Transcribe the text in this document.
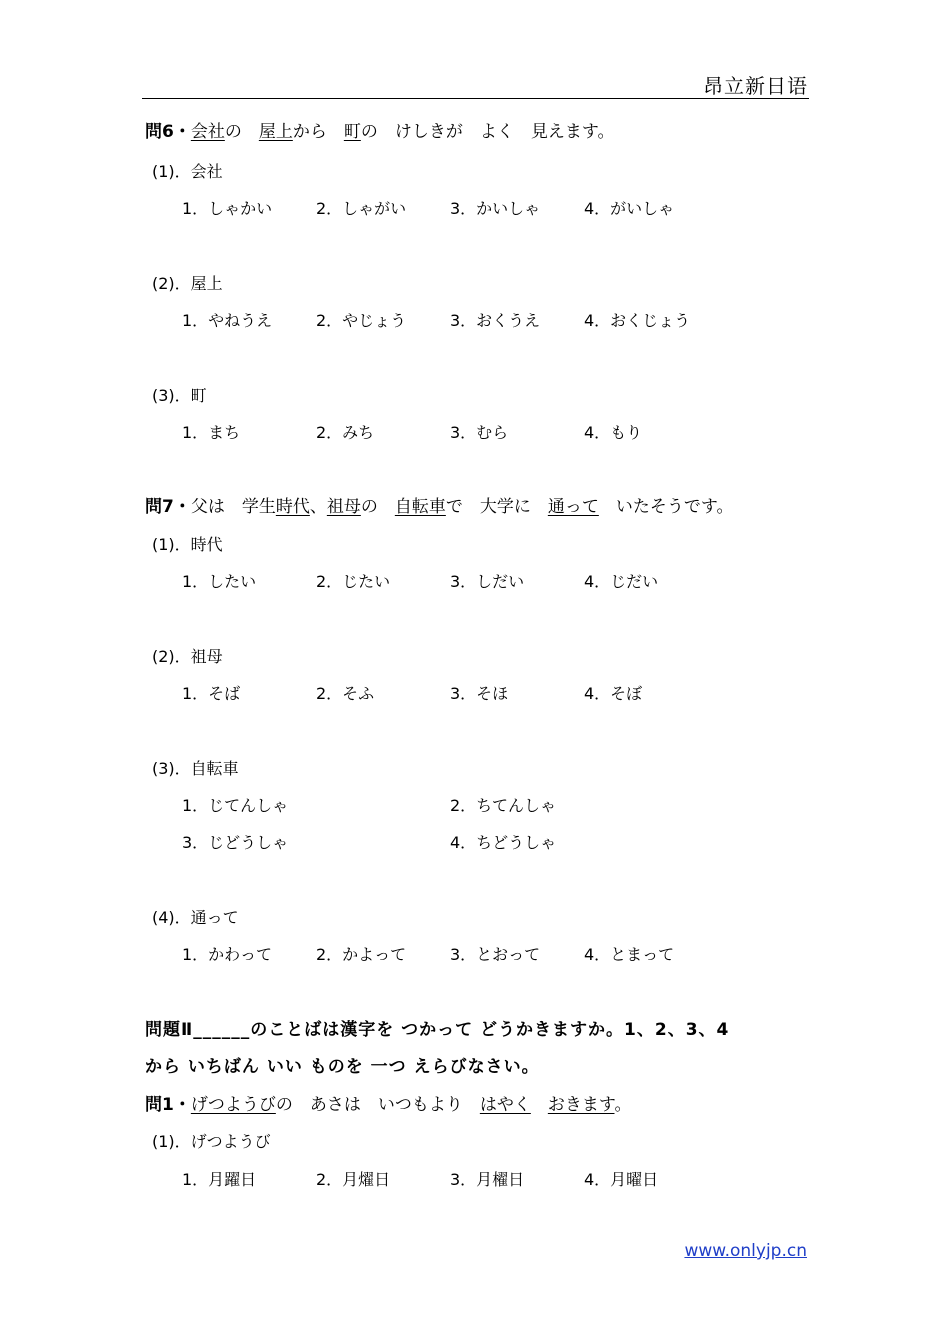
昂立新日语
問6・会社の　屋上から　町の　けしきが　よく　見えます。
(1)．会社
1．しゃかい	2．しゃがい	3．かいしゃ	4．がいしゃ
(2)．屋上
1．やねうえ	2．やじょう	3．おくうえ	4．おくじょう
(3)．町
1．まち	2．みち	3．むら	4．もり
問7・父は　学生時代、祖母の　自転車で　大学に　通って　いたそうです。
(1)．時代
1．したい	2．じたい	3．しだい	4．じだい
(2)．祖母
1．そば	2．そふ	3．そほ	4．そぼ
(3)．自転車
1．じてんしゃ	2．ちてんしゃ
3．じどうしゃ	4．ちどうしゃ
(4)．通って
1．かわって	2．かよって	3．とおって	4．とまって
問題Ⅱ______のことばは漢字を つかって どうかきますか。1、2、3、4
から いちばん いい ものを 一つ えらびなさい。
問1・げつようびの　あさは　いつもより　はやく　 おきます。
(1)．げつようび
1．月躍日	2．月燿日	3．月櫂日	4．月曜日
www.onlyjp.cn
